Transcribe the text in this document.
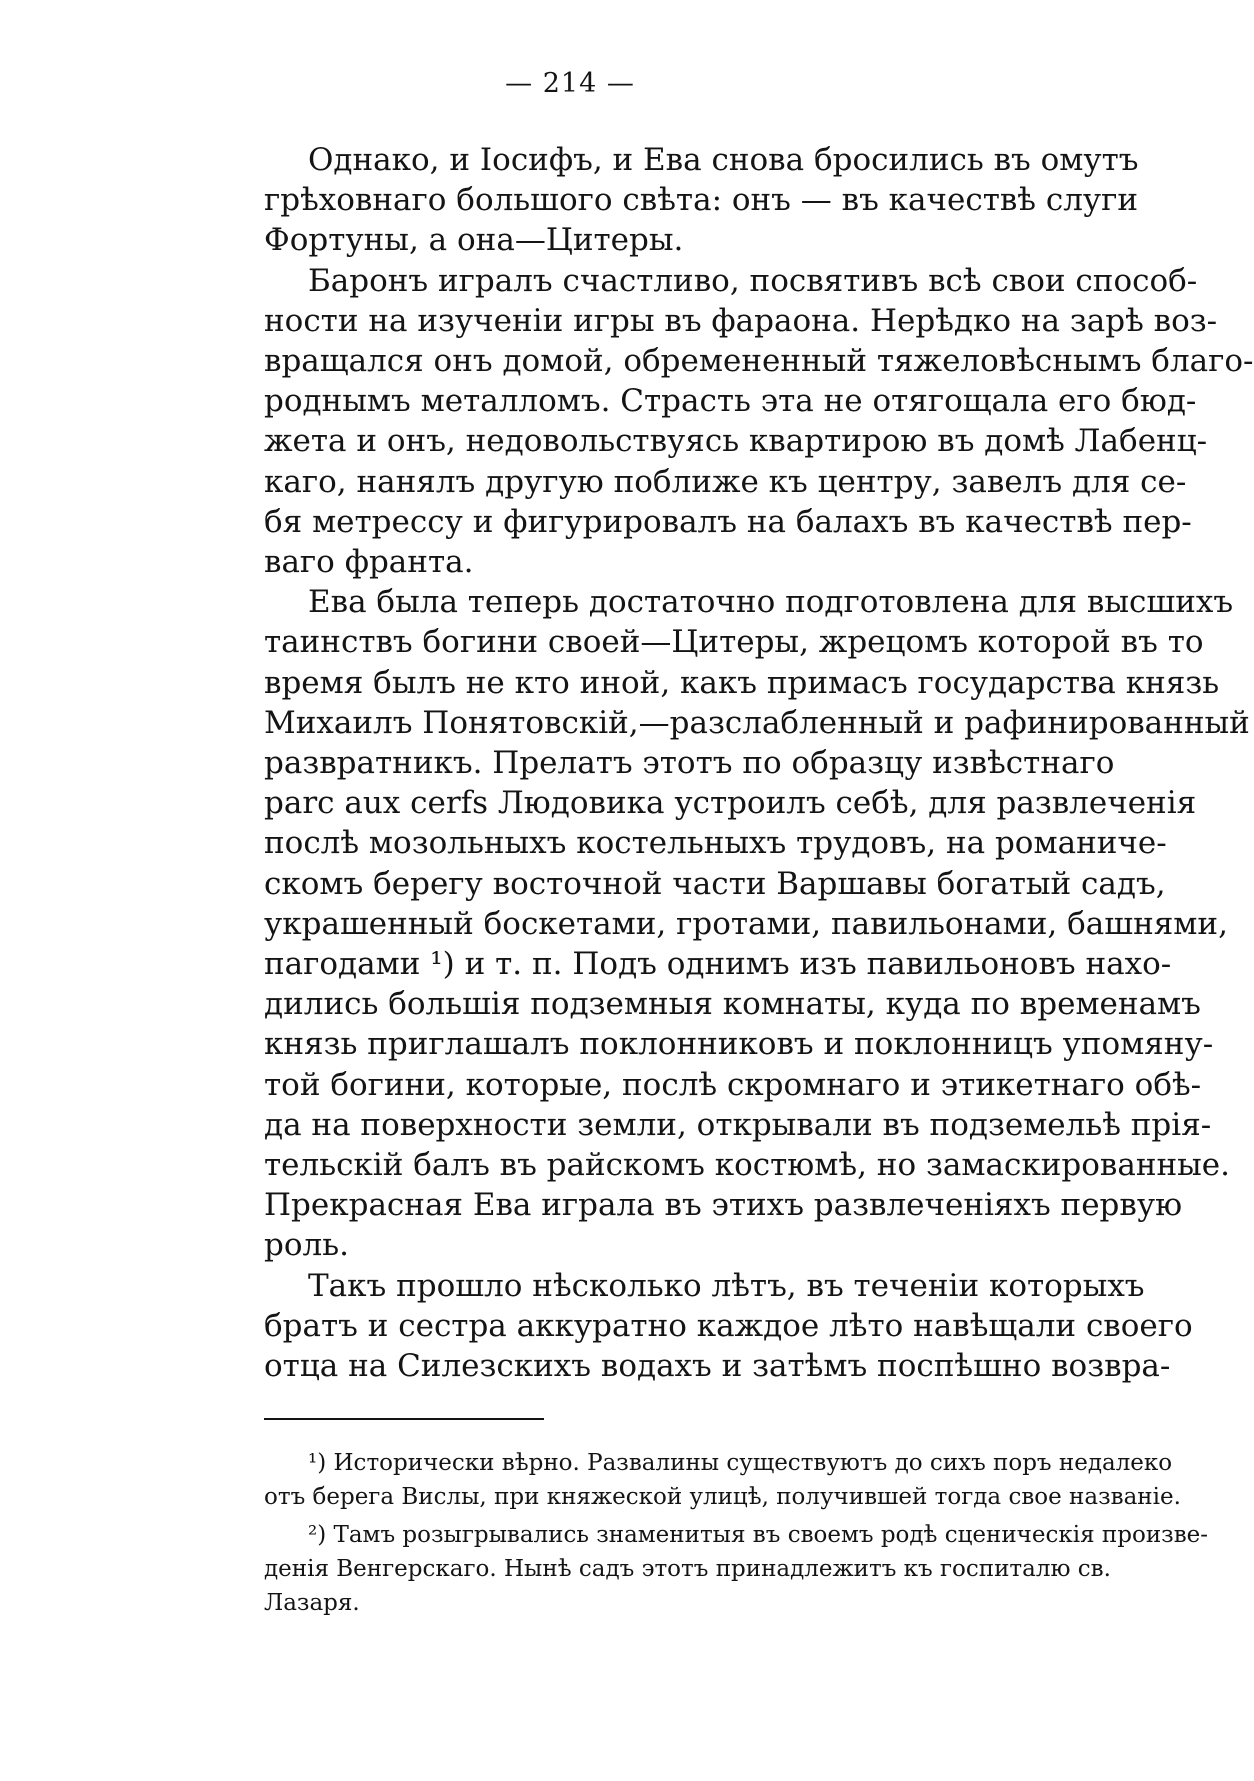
— 214 —
Однако, и Іосифъ, и Ева снова бросились въ омутъ
грѣховнаго большого свѣта: онъ — въ качествѣ слуги
Фортуны, а она—Цитеры.
Баронъ игралъ счастливо, посвятивъ всѣ свои способ-
ности на изученіи игры въ фараона. Нерѣдко на зарѣ воз-
вращался онъ домой, обремененный тяжеловѣснымъ благо-
роднымъ металломъ. Страсть эта не отягощала его бюд-
жета и онъ, недовольствуясь квартирою въ домѣ Лабенц-
каго, нанялъ другую поближе къ центру, завелъ для се-
бя метрессу и фигурировалъ на балахъ въ качествѣ пер-
ваго франта.
Ева была теперь достаточно подготовлена для высшихъ
таинствъ богини своей—Цитеры, жрецомъ которой въ то
время былъ не кто иной, какъ примасъ государства князь
Михаилъ Понятовскій,—разслабленный и рафинированный
развратникъ. Прелатъ этотъ по образцу извѣстнаго
parc aux cerfs Людовика устроилъ себѣ, для развлеченія
послѣ мозольныхъ костельныхъ трудовъ, на романиче-
скомъ берегу восточной части Варшавы богатый садъ,
украшенный боскетами, гротами, павильонами, башнями,
пагодами ¹) и т. п. Подъ однимъ изъ павильоновъ нахо-
дились большія подземныя комнаты, куда по временамъ
князь приглашалъ поклонниковъ и поклонницъ упомяну-
той богини, которые, послѣ скромнаго и этикетнаго обѣ-
да на поверхности земли, открывали въ подземельѣ прія-
тельскій балъ въ райскомъ костюмѣ, но замаскированные.
Прекрасная Ева играла въ этихъ развлеченіяхъ первую
роль.
Такъ прошло нѣсколько лѣтъ, въ теченіи которыхъ
братъ и сестра аккуратно каждое лѣто навѣщали своего
отца на Силезскихъ водахъ и затѣмъ поспѣшно возвра-
¹) Исторически вѣрно. Развалины существуютъ до сихъ поръ недалеко
отъ берега Вислы, при княжеской улицѣ, получившей тогда свое названіе.
²) Тамъ розыгрывались знаменитыя въ своемъ родѣ сценическія произве-
денія Венгерскаго. Нынѣ садъ этотъ принадлежитъ къ госпиталю св.
Лазаря.
